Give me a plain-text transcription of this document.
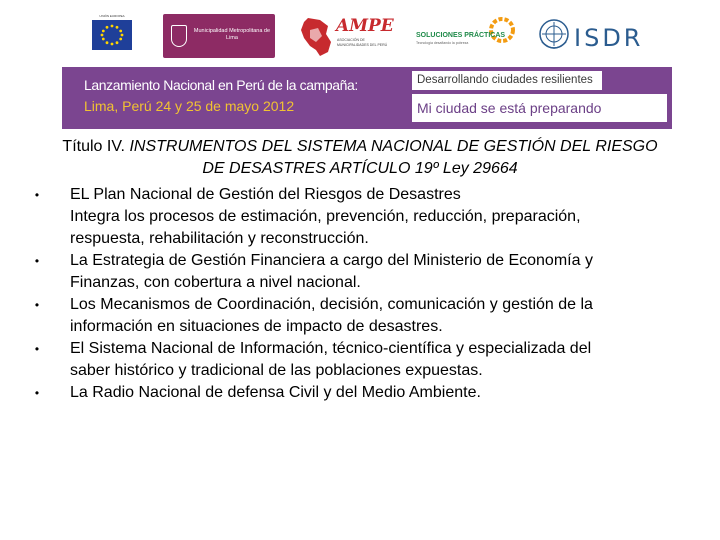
UNIÓN EUROPEA
Municipalidad Metropolitana de Lima
AMPE
ASOCIACIÓN DE MUNICIPALIDADES DEL PERÚ
SOLUCIONES PRÁCTICAS
Tecnología desafiando la pobreza	ISDR
Lanzamiento Nacional en Perú de la campaña:
Lima, Perú 24 y 25 de mayo 2012
Desarrollando ciudades resilientes
Mi ciudad se está preparando
Título IV. INSTRUMENTOS DEL SISTEMA NACIONAL DE GESTIÓN DEL RIESGO
DE DESASTRES ARTÍCULO 19º Ley 29664
•	EL Plan Nacional de Gestión del Riesgos de Desastres
Integra los procesos de estimación, prevención, reducción, preparación,
respuesta, rehabilitación y reconstrucción.
•	La Estrategia de Gestión Financiera a cargo del Ministerio de Economía y
Finanzas, con cobertura a nivel nacional.
•	Los Mecanismos de Coordinación, decisión, comunicación y gestión de la
información en situaciones de impacto de desastres.
•	El Sistema Nacional de Información, técnico-científica y especializada del
saber histórico y tradicional de las poblaciones expuestas.
•	La Radio Nacional de defensa Civil y del Medio Ambiente.
